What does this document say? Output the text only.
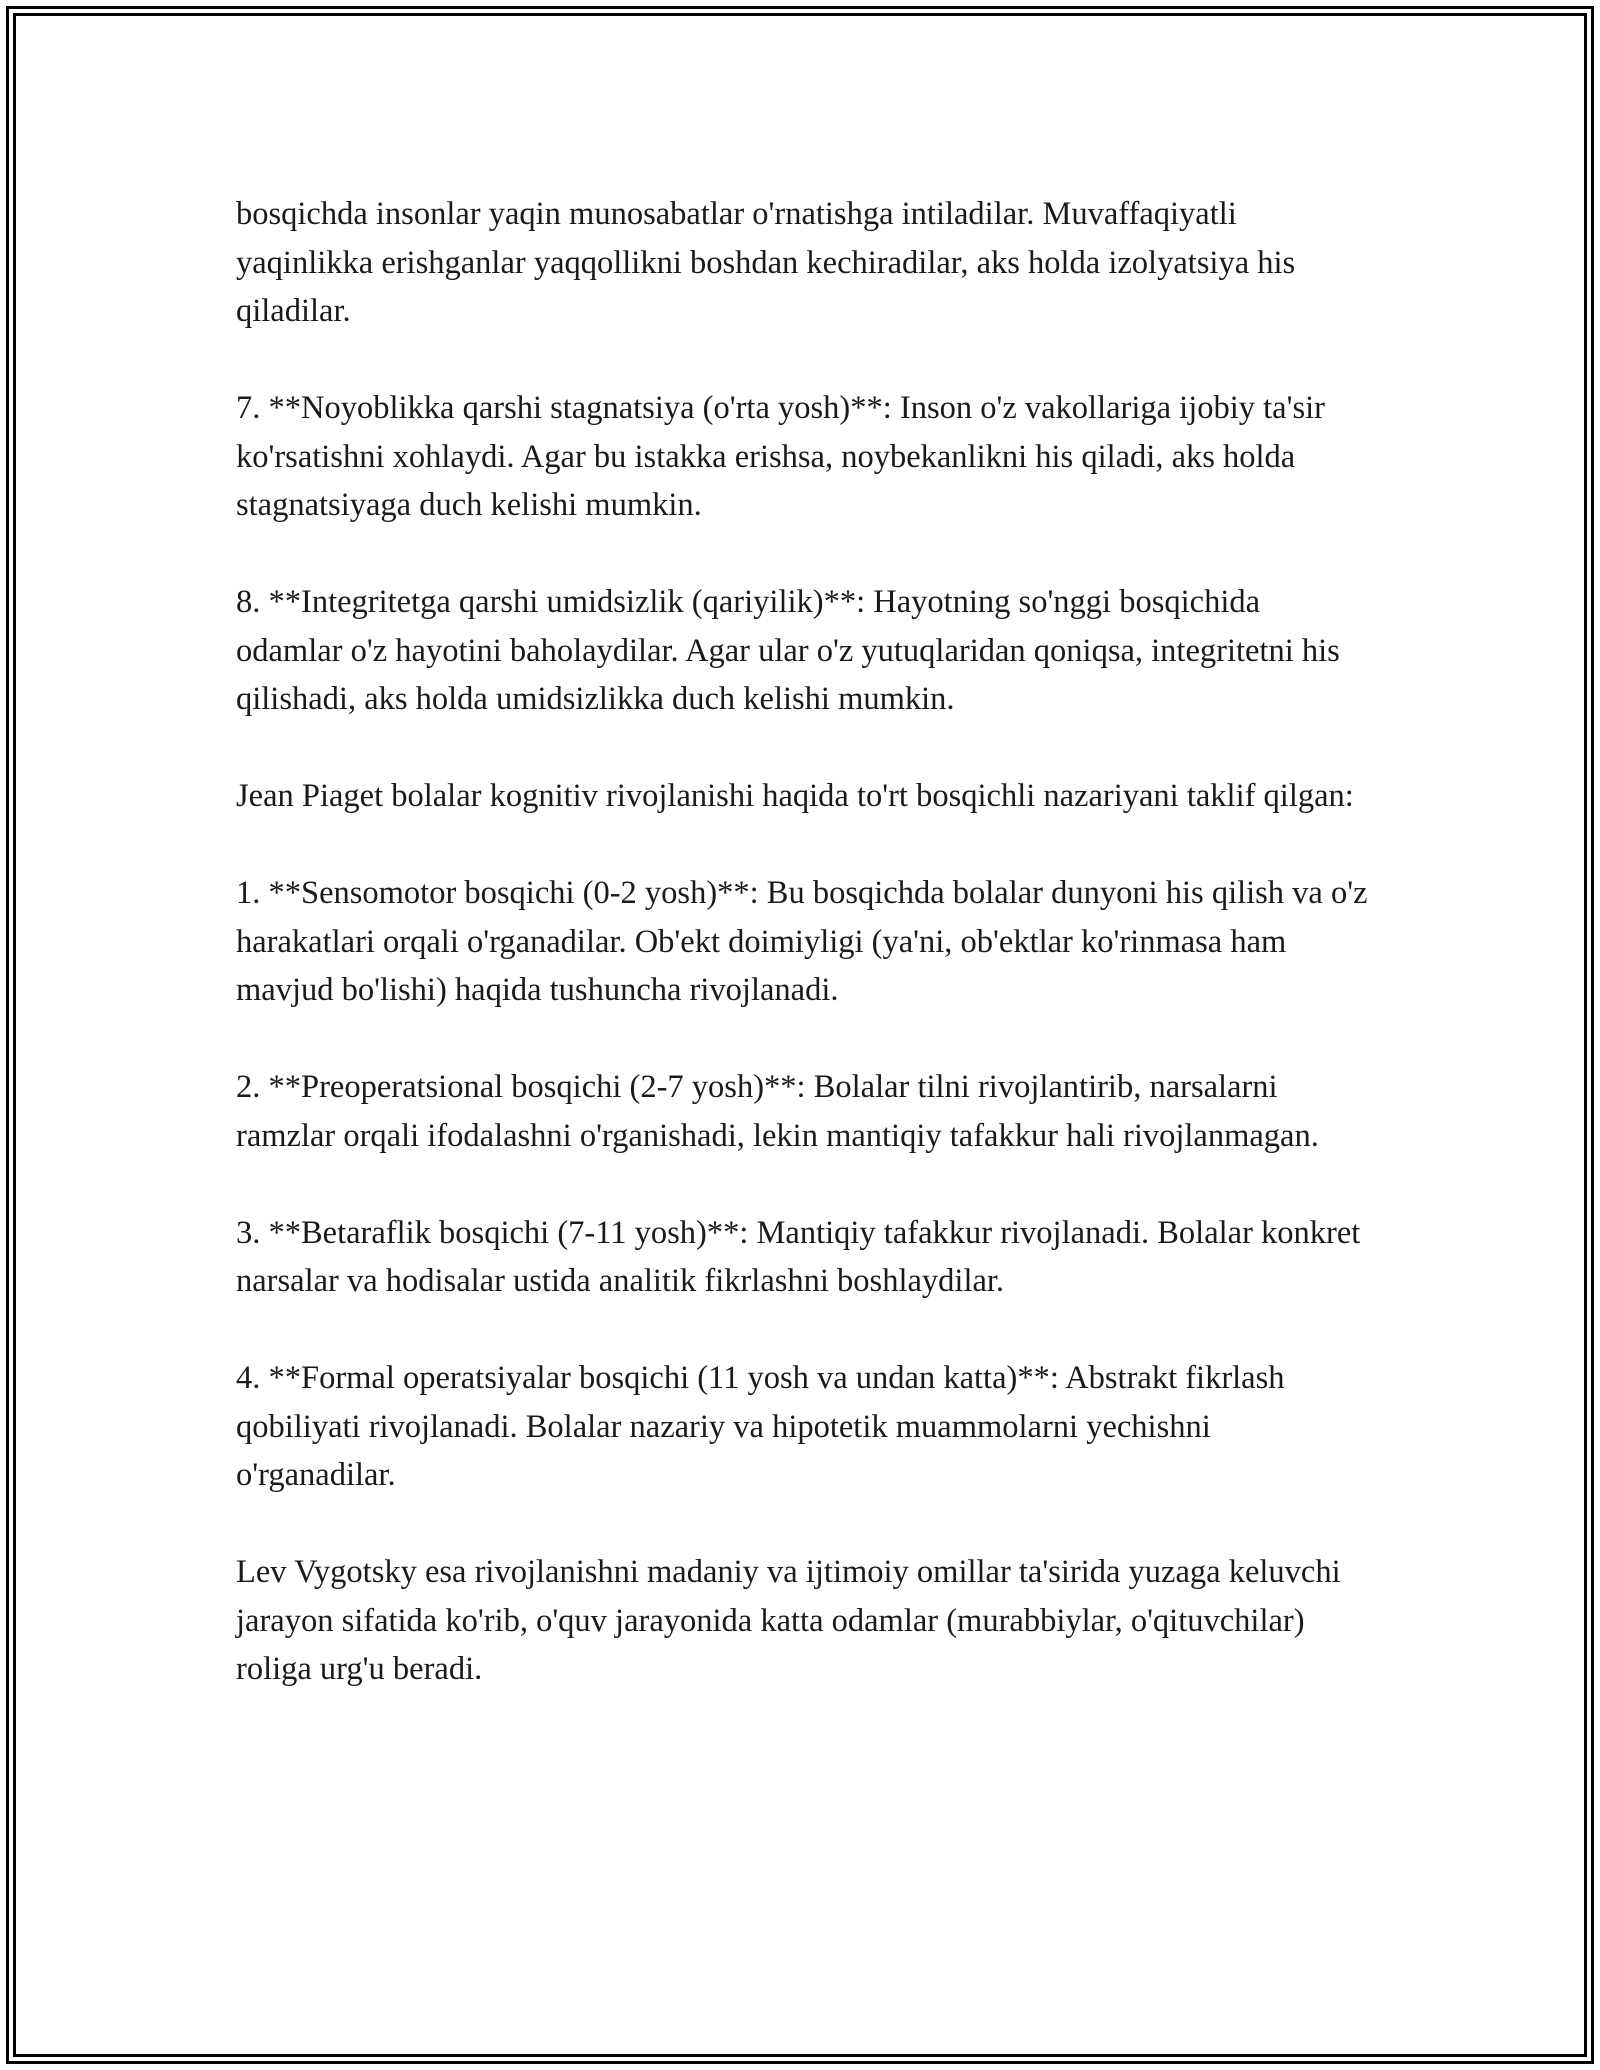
bosqichda insonlar yaqin munosabatlar o'rnatishga intiladilar. Muvaffaqiyatli yaqinlikka erishganlar yaqqollikni boshdan kechiradilar, aks holda izolyatsiya his qiladilar.

7. **Noyoblikka qarshi stagnatsiya (o'rta yosh)**: Inson o'z vakollariga ijobiy ta'sir ko'rsatishni xohlaydi. Agar bu istakka erishsa, noybekanlikni his qiladi, aks holda stagnatsiyaga duch kelishi mumkin.

8. **Integritetga qarshi umidsizlik (qariyilik)**: Hayotning so'nggi bosqichida odamlar o'z hayotini baholaydilar. Agar ular o'z yutuqlaridan qoniqsa, integritetni his qilishadi, aks holda umidsizlikka duch kelishi mumkin.

Jean Piaget bolalar kognitiv rivojlanishi haqida to'rt bosqichli nazariyani taklif qilgan:

1. **Sensomotor bosqichi (0-2 yosh)**: Bu bosqichda bolalar dunyoni his qilish va o'z harakatlari orqali o'rganadilar. Ob'ekt doimiyligi (ya'ni, ob'ektlar ko'rinmasa ham mavjud bo'lishi) haqida tushuncha rivojlanadi.

2. **Preoperatsional bosqichi (2-7 yosh)**: Bolalar tilni rivojlantirib, narsalarni ramzlar orqali ifodalashni o'rganishadi, lekin mantiqiy tafakkur hali rivojlanmagan.

3. **Betaraflik bosqichi (7-11 yosh)**: Mantiqiy tafakkur rivojlanadi. Bolalar konkret narsalar va hodisalar ustida analitik fikrlashni boshlaydilar.

4. **Formal operatsiyalar bosqichi (11 yosh va undan katta)**: Abstrakt fikrlash qobiliyati rivojlanadi. Bolalar nazariy va hipotetik muammolarni yechishni o'rganadilar.

Lev Vygotsky esa rivojlanishni madaniy va ijtimoiy omillar ta'sirida yuzaga keluvchi jarayon sifatida ko'rib, o'quv jarayonida katta odamlar (murabbiylar, o'qituvchilar) roliga urg'u beradi.
